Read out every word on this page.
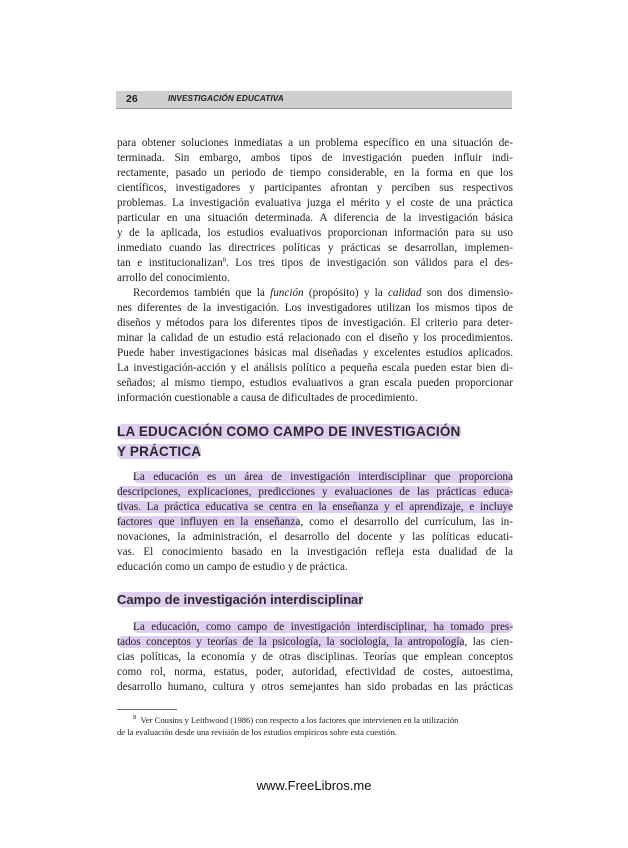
26	INVESTIGACIÓN EDUCATIVA
para obtener soluciones inmediatas a un problema específico en una situación de-
terminada. Sin embargo, ambos tipos de investigación pueden influir indi-
rectamente, pasado un periodo de tiempo considerable, en la forma en que los
científicos, investigadores y participantes afrontan y perciben sus respectivos
problemas. La investigación evaluativa juzga el mérito y el coste de una práctica
particular en una situación determinada. A diferencia de la investigación básica
y de la aplicada, los estudios evaluativos proporcionan información para su uso
inmediato cuando las directrices políticas y prácticas se desarrollan, implemen-
tan e institucionalizan$^8$. Los tres tipos de investigación son válidos para el des-
arrollo del conocimiento.
Recordemos también que la función (propósito) y la calidad son dos dimensio-
nes diferentes de la investigación. Los investigadores utilizan los mismos tipos de
diseños y métodos para los diferentes tipos de investigación. El criterio para deter-
minar la calidad de un estudio está relacionado con el diseño y los procedimientos.
Puede haber investigaciones básicas mal diseñadas y excelentes estudios aplicados.
La investigación-acción y el análisis político a pequeña escala pueden estar bien di-
señados; al mismo tiempo, estudios evaluativos a gran escala pueden proporcionar
información cuestionable a causa de dificultades de procedimiento.
LA EDUCACIÓN COMO CAMPO DE INVESTIGACIÓN
Y PRÁCTICA
La educación es un área de investigación interdisciplinar que proporciona
descripciones, explicaciones, predicciones y evaluaciones de las prácticas educa-
tivas. La práctica educativa se centra en la enseñanza y el aprendizaje, e incluye
factores que influyen en la enseñanza, como el desarrollo del currículum, las in-
novaciones, la administración, el desarrollo del docente y las políticas educati-
vas. El conocimiento basado en la investigación refleja esta dualidad de la
educación como un campo de estudio y de práctica.
Campo de investigación interdisciplinar
La educación, como campo de investigación interdisciplinar, ha tomado pres-
tados conceptos y teorías de la psicología, la sociología, la antropología, las cien-
cias políticas, la economía y de otras disciplinas. Teorías que emplean conceptos
como rol, norma, estatus, poder, autoridad, efectividad de costes, autoestima,
desarrollo humano, cultura y otros semejantes han sido probadas en las prácticas
$^8$ Ver Cousins y Leithwood (1986) con respecto a los factores que intervienen en la utilización
de la evaluación desde una revisión de los estudios empíricos sobre esta cuestión.
www.FreeLibros.me
